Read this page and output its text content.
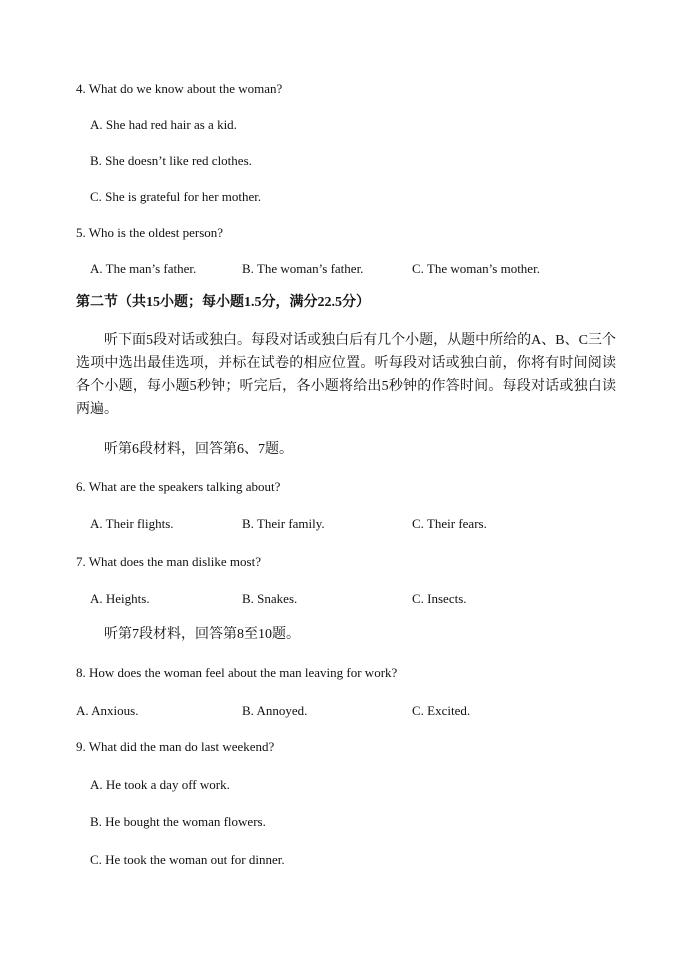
4. What do we know about the woman?
A. She had red hair as a kid.
B. She doesn’t like red clothes.
C. She is grateful for her mother.
5. Who is the oldest person?
A. The man’s father.	B. The woman’s father.	C. The woman’s mother.
第二节（共15小题；每小题1.5分，满分22.5分）
听下面5段对话或独白。每段对话或独白后有几个小题，从题中所给的A、B、C三个选项中选出最佳选项，并标在试卷的相应位置。听每段对话或独白前，你将有时间阅读各个小题，每小题5秒钟；听完后，各小题将给出5秒钟的作答时间。每段对话或独白读两遍。
听第6段材料，回答第6、7题。
6. What are the speakers talking about?
A. Their flights.	B. Their family.	C. Their fears.
7. What does the man dislike most?
A. Heights.	B. Snakes.	C. Insects.
听第7段材料，回答第8至10题。
8. How does the woman feel about the man leaving for work?
A. Anxious.	B. Annoyed.	C. Excited.
9. What did the man do last weekend?
A. He took a day off work.
B. He bought the woman flowers.
C. He took the woman out for dinner.
